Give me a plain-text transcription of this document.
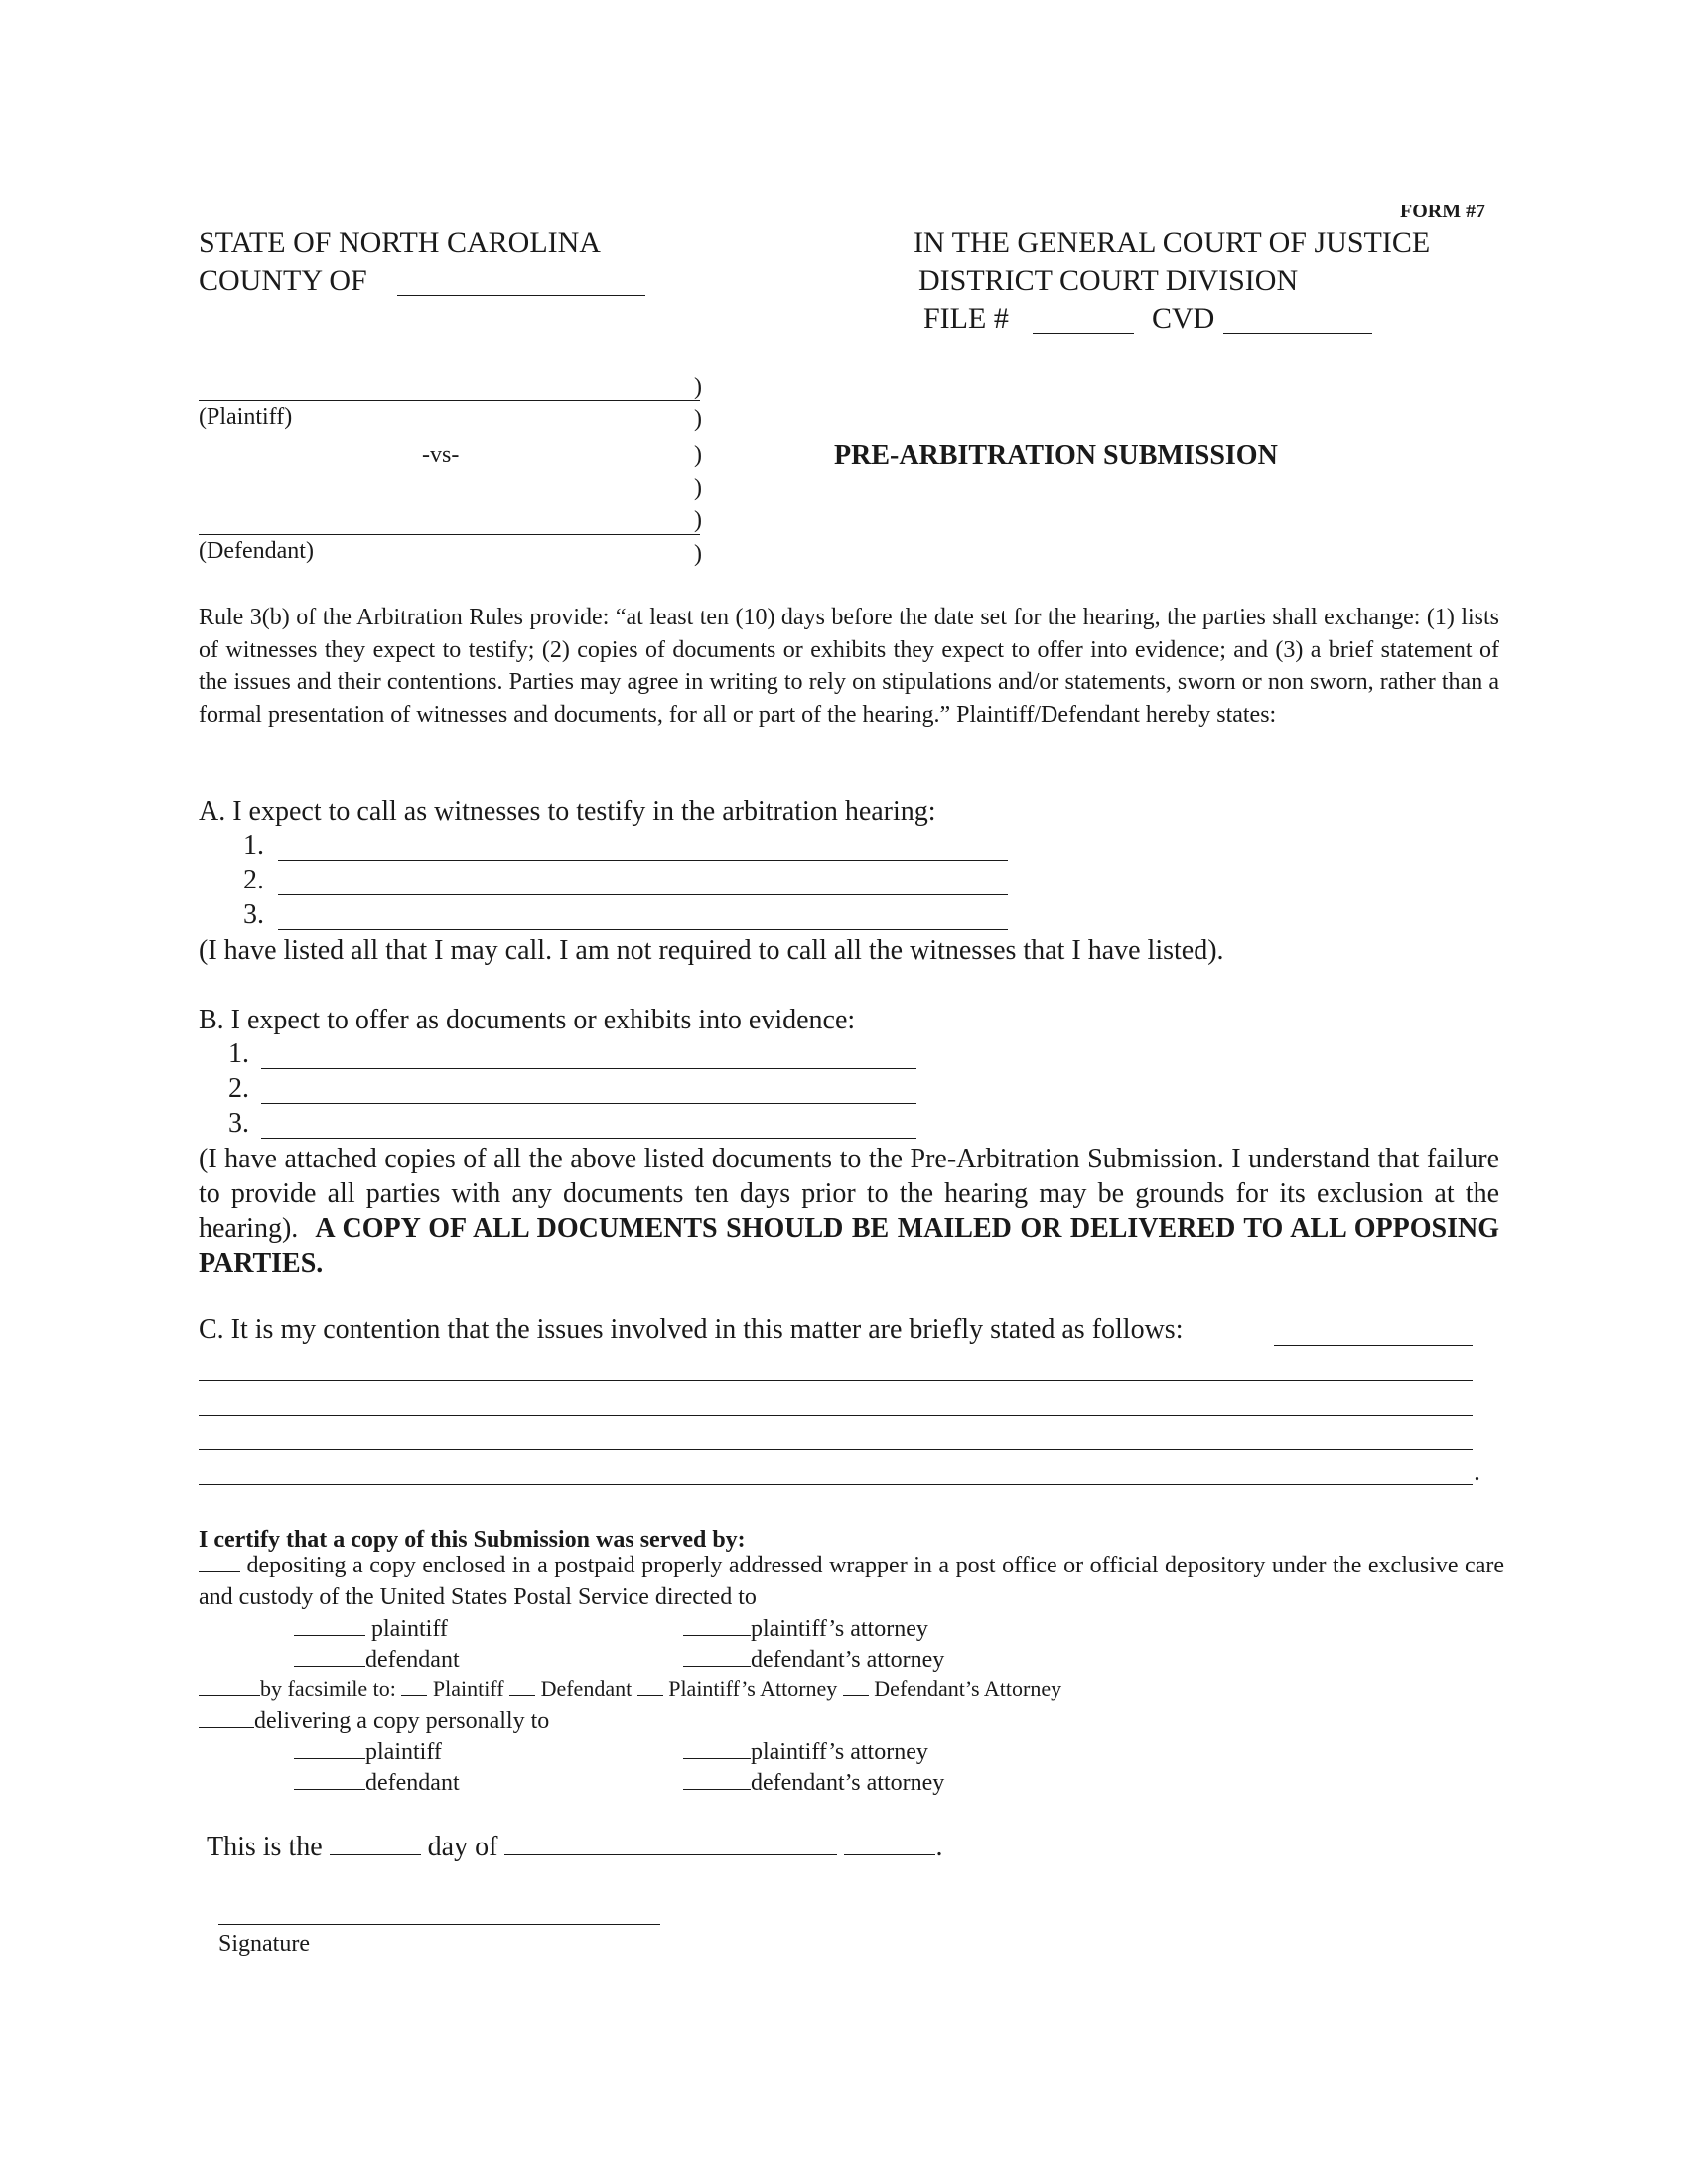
FORM #7
STATE OF NORTH CAROLINA
COUNTY OF
IN THE GENERAL COURT OF JUSTICE
DISTRICT COURT DIVISION
FILE #	CVD
(Plaintiff)
-vs-
(Defendant)
)
)
)
)
)
)
PRE-ARBITRATION SUBMISSION
Rule 3(b) of the Arbitration Rules provide: “at least ten (10) days before the date set for the hearing, the parties shall exchange: (1) lists of witnesses they expect to testify; (2) copies of documents or exhibits they expect to offer into evidence; and (3) a brief statement of the issues and their contentions. Parties may agree in writing to rely on stipulations and/or statements, sworn or non sworn, rather than a formal presentation of witnesses and documents, for all or part of the hearing.” Plaintiff/Defendant hereby states:
A. I expect to call as witnesses to testify in the arbitration hearing:
1.
2.
3.
(I have listed all that I may call. I am not required to call all the witnesses that I have listed).
B. I expect to offer as documents or exhibits into evidence:
1.
2.
3.
(I have attached copies of all the above listed documents to the Pre-Arbitration Submission. I understand that failure to provide all parties with any documents ten days prior to the hearing may be grounds for its exclusion at the hearing). A COPY OF ALL DOCUMENTS SHOULD BE MAILED OR DELIVERED TO ALL OPPOSING PARTIES.
C. It is my contention that the issues involved in this matter are briefly stated as follows:
.
I certify that a copy of this Submission was served by:
depositing a copy enclosed in a postpaid properly addressed wrapper in a post office or official depository under the exclusive care and custody of the United States Postal Service directed to
plaintiff	plaintiff’s attorney
defendant	defendant’s attorney
by facsimile to: Plaintiff Defendant Plaintiff’s Attorney Defendant’s Attorney
delivering a copy personally to
plaintiff	plaintiff’s attorney
defendant	defendant’s attorney
This is the	day of	.
Signature
